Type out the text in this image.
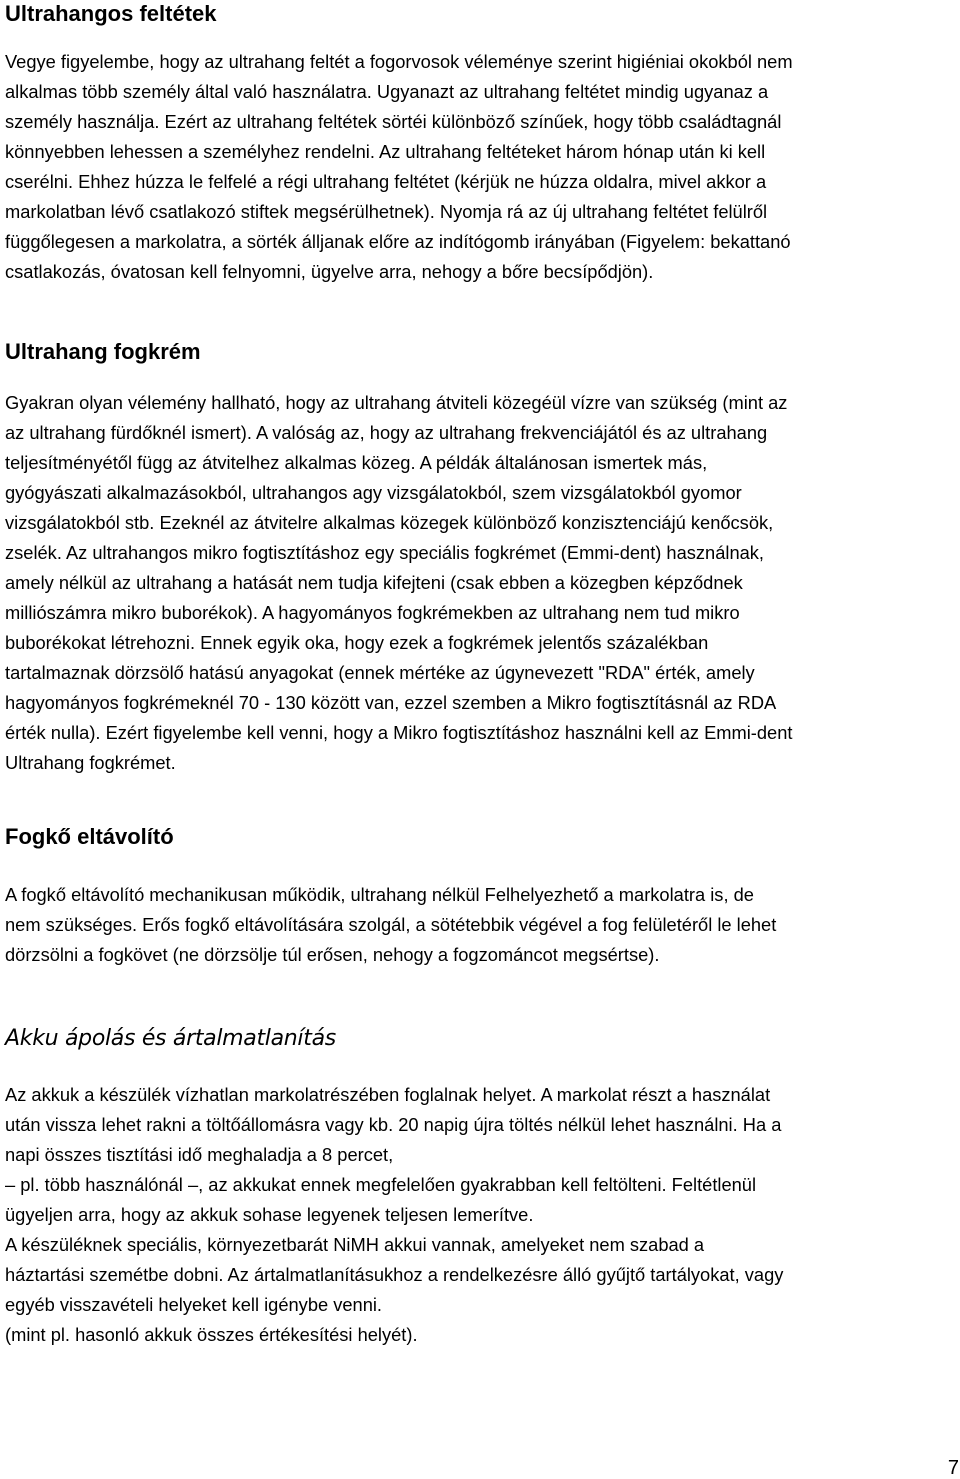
Ultrahangos feltétek
Vegye figyelembe, hogy az ultrahang feltét a fogorvosok véleménye szerint higiéniai okokból nem
alkalmas több személy által való használatra. Ugyanazt az ultrahang feltétet mindig ugyanaz a
személy használja. Ezért az ultrahang feltétek sörtéi különböző színűek, hogy több családtagnál
könnyebben lehessen a személyhez rendelni. Az ultrahang feltéteket három hónap után ki kell
cserélni. Ehhez húzza le felfelé a régi ultrahang feltétet (kérjük ne húzza oldalra, mivel akkor a
markolatban lévő csatlakozó stiftek megsérülhetnek). Nyomja rá az új ultrahang feltétet felülről
függőlegesen a markolatra, a sörték álljanak előre az indítógomb irányában (Figyelem: bekattanó
csatlakozás, óvatosan kell felnyomni, ügyelve arra, nehogy a bőre becsípődjön).
Ultrahang fogkrém
Gyakran olyan vélemény hallható, hogy az ultrahang átviteli közegéül vízre van szükség (mint az
az ultrahang fürdőknél ismert). A valóság az, hogy az ultrahang frekvenciájától és az ultrahang
teljesítményétől függ az átvitelhez alkalmas közeg. A példák általánosan ismertek más,
gyógyászati alkalmazásokból, ultrahangos agy vizsgálatokból, szem vizsgálatokból gyomor
vizsgálatokból stb. Ezeknél az átvitelre alkalmas közegek különböző konzisztenciájú kenőcsök,
zselék. Az ultrahangos mikro fogtisztításhoz egy speciális fogkrémet (Emmi-dent) használnak,
amely nélkül az ultrahang a hatását nem tudja kifejteni (csak ebben a közegben képződnek
milliószámra mikro buborékok). A hagyományos fogkrémekben az ultrahang nem tud mikro
buborékokat létrehozni. Ennek egyik oka, hogy ezek a fogkrémek jelentős százalékban
tartalmaznak dörzsölő hatású anyagokat (ennek mértéke az úgynevezett "RDA" érték, amely
hagyományos fogkrémeknél 70 - 130 között van, ezzel szemben a Mikro fogtisztításnál az RDA
érték nulla). Ezért figyelembe kell venni, hogy a Mikro fogtisztításhoz használni kell az Emmi-dent
Ultrahang fogkrémet.
Fogkő eltávolító
A fogkő eltávolító mechanikusan működik, ultrahang nélkül Felhelyezhető a markolatra is, de
nem szükséges. Erős fogkő eltávolítására szolgál, a sötétebbik végével a fog felületéről le lehet
dörzsölni a fogkövet (ne dörzsölje túl erősen, nehogy a fogzománcot megsértse).
Akku ápolás és ártalmatlanítás
Az akkuk a készülék vízhatlan markolatrészében foglalnak helyet. A markolat részt a használat
után vissza lehet rakni a töltőállomásra vagy kb. 20 napig újra töltés nélkül lehet használni. Ha a
napi összes tisztítási idő meghaladja a 8 percet,
– pl. több használónál –, az akkukat ennek megfelelően gyakrabban kell feltölteni. Feltétlenül
ügyeljen arra, hogy az akkuk sohase legyenek teljesen lemerítve.
A készüléknek speciális, környezetbarát NiMH akkui vannak, amelyeket nem szabad a
háztartási szemétbe dobni. Az ártalmatlanításukhoz a rendelkezésre álló gyűjtő tartályokat, vagy
egyéb visszavételi helyeket kell igénybe venni.
(mint pl. hasonló akkuk összes értékesítési helyét).
7
